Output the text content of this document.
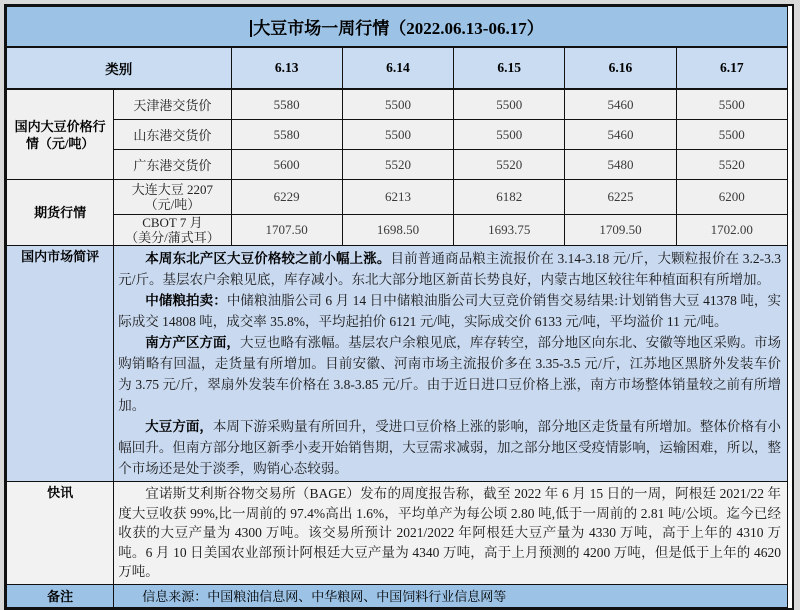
大豆市场一周行情（2022.06.13-06.17）						
类别		6.13	6.14	6.15	6.16	6.17
国内大豆价格行情（元/吨）	天津港交货价	5580	5500	5500	5460	5500
	山东港交货价	5580	5500	5500	5460	5500
	广东港交货价	5600	5520	5520	5480	5520
期货行情	大连大豆 2207
（元/吨）	6229	6213	6182	6225	6200

	CBOT 7 月
（美分/蒲式耳）	1707.50	1698.50	1693.75	1709.50	1702.00
国内市场简评	本周东北产区大豆价格较之前小幅上涨。目前普通商品粮主流报价在 3.14-3.18 元/斤，大颗粒报价在 3.2-3.3 元/斤。基层农户余粮见底，库存减小。东北大部分地区新苗长势良好，内蒙古地区较往年种植面积有所增加。

中储粮拍卖：中储粮油脂公司 6 月 14 日中储粮油脂公司大豆竞价销售交易结果:计划销售大豆 41378 吨，实际成交 14808 吨，成交率 35.8%，平均起拍价 6121 元/吨，实际成交价 6133 元/吨，平均溢价 11 元/吨。

南方产区方面，大豆也略有涨幅。基层农户余粮见底，库存转空，部分地区向东北、安徽等地区采购。市场购销略有回温，走货量有所增加。目前安徽、河南市场主流报价多在 3.35-3.5 元/斤，江苏地区黑脐外发装车价为 3.75 元/斤，翠扇外发装车价格在 3.8-3.85 元/斤。由于近日进口豆价格上涨，南方市场整体销量较之前有所增加。

大豆方面，本周下游采购量有所回升，受进口豆价格上涨的影响，部分地区走货量有所增加。整体价格有小幅回升。但南方部分地区新季小麦开始销售期，大豆需求减弱，加之部分地区受疫情影响，运输困难，所以，整个市场还是处于淡季，购销心态较弱。					

快讯	宜诺斯艾利斯谷物交易所（BAGE）发布的周度报告称，截至 2022 年 6 月 15 日的一周，阿根廷 2021/22 年度大豆收获 99%,比一周前的 97.4%高出 1.6%，平均单产为每公顷 2.80 吨,低于一周前的 2.81 吨/公顷。迄今已经收获的大豆产量为 4300 万吨。该交易所预计 2021/2022 年阿根廷大豆产量为 4330 万吨，高于上年的 4310 万吨。6 月 10 日美国农业部预计阿根廷大豆产量为 4340 万吨，高于上月预测的 4200 万吨，但是低于上年的 4620 万吨。					

备注	信息来源：中国粮油信息网、中华粮网、中国饲料行业信息网等					
